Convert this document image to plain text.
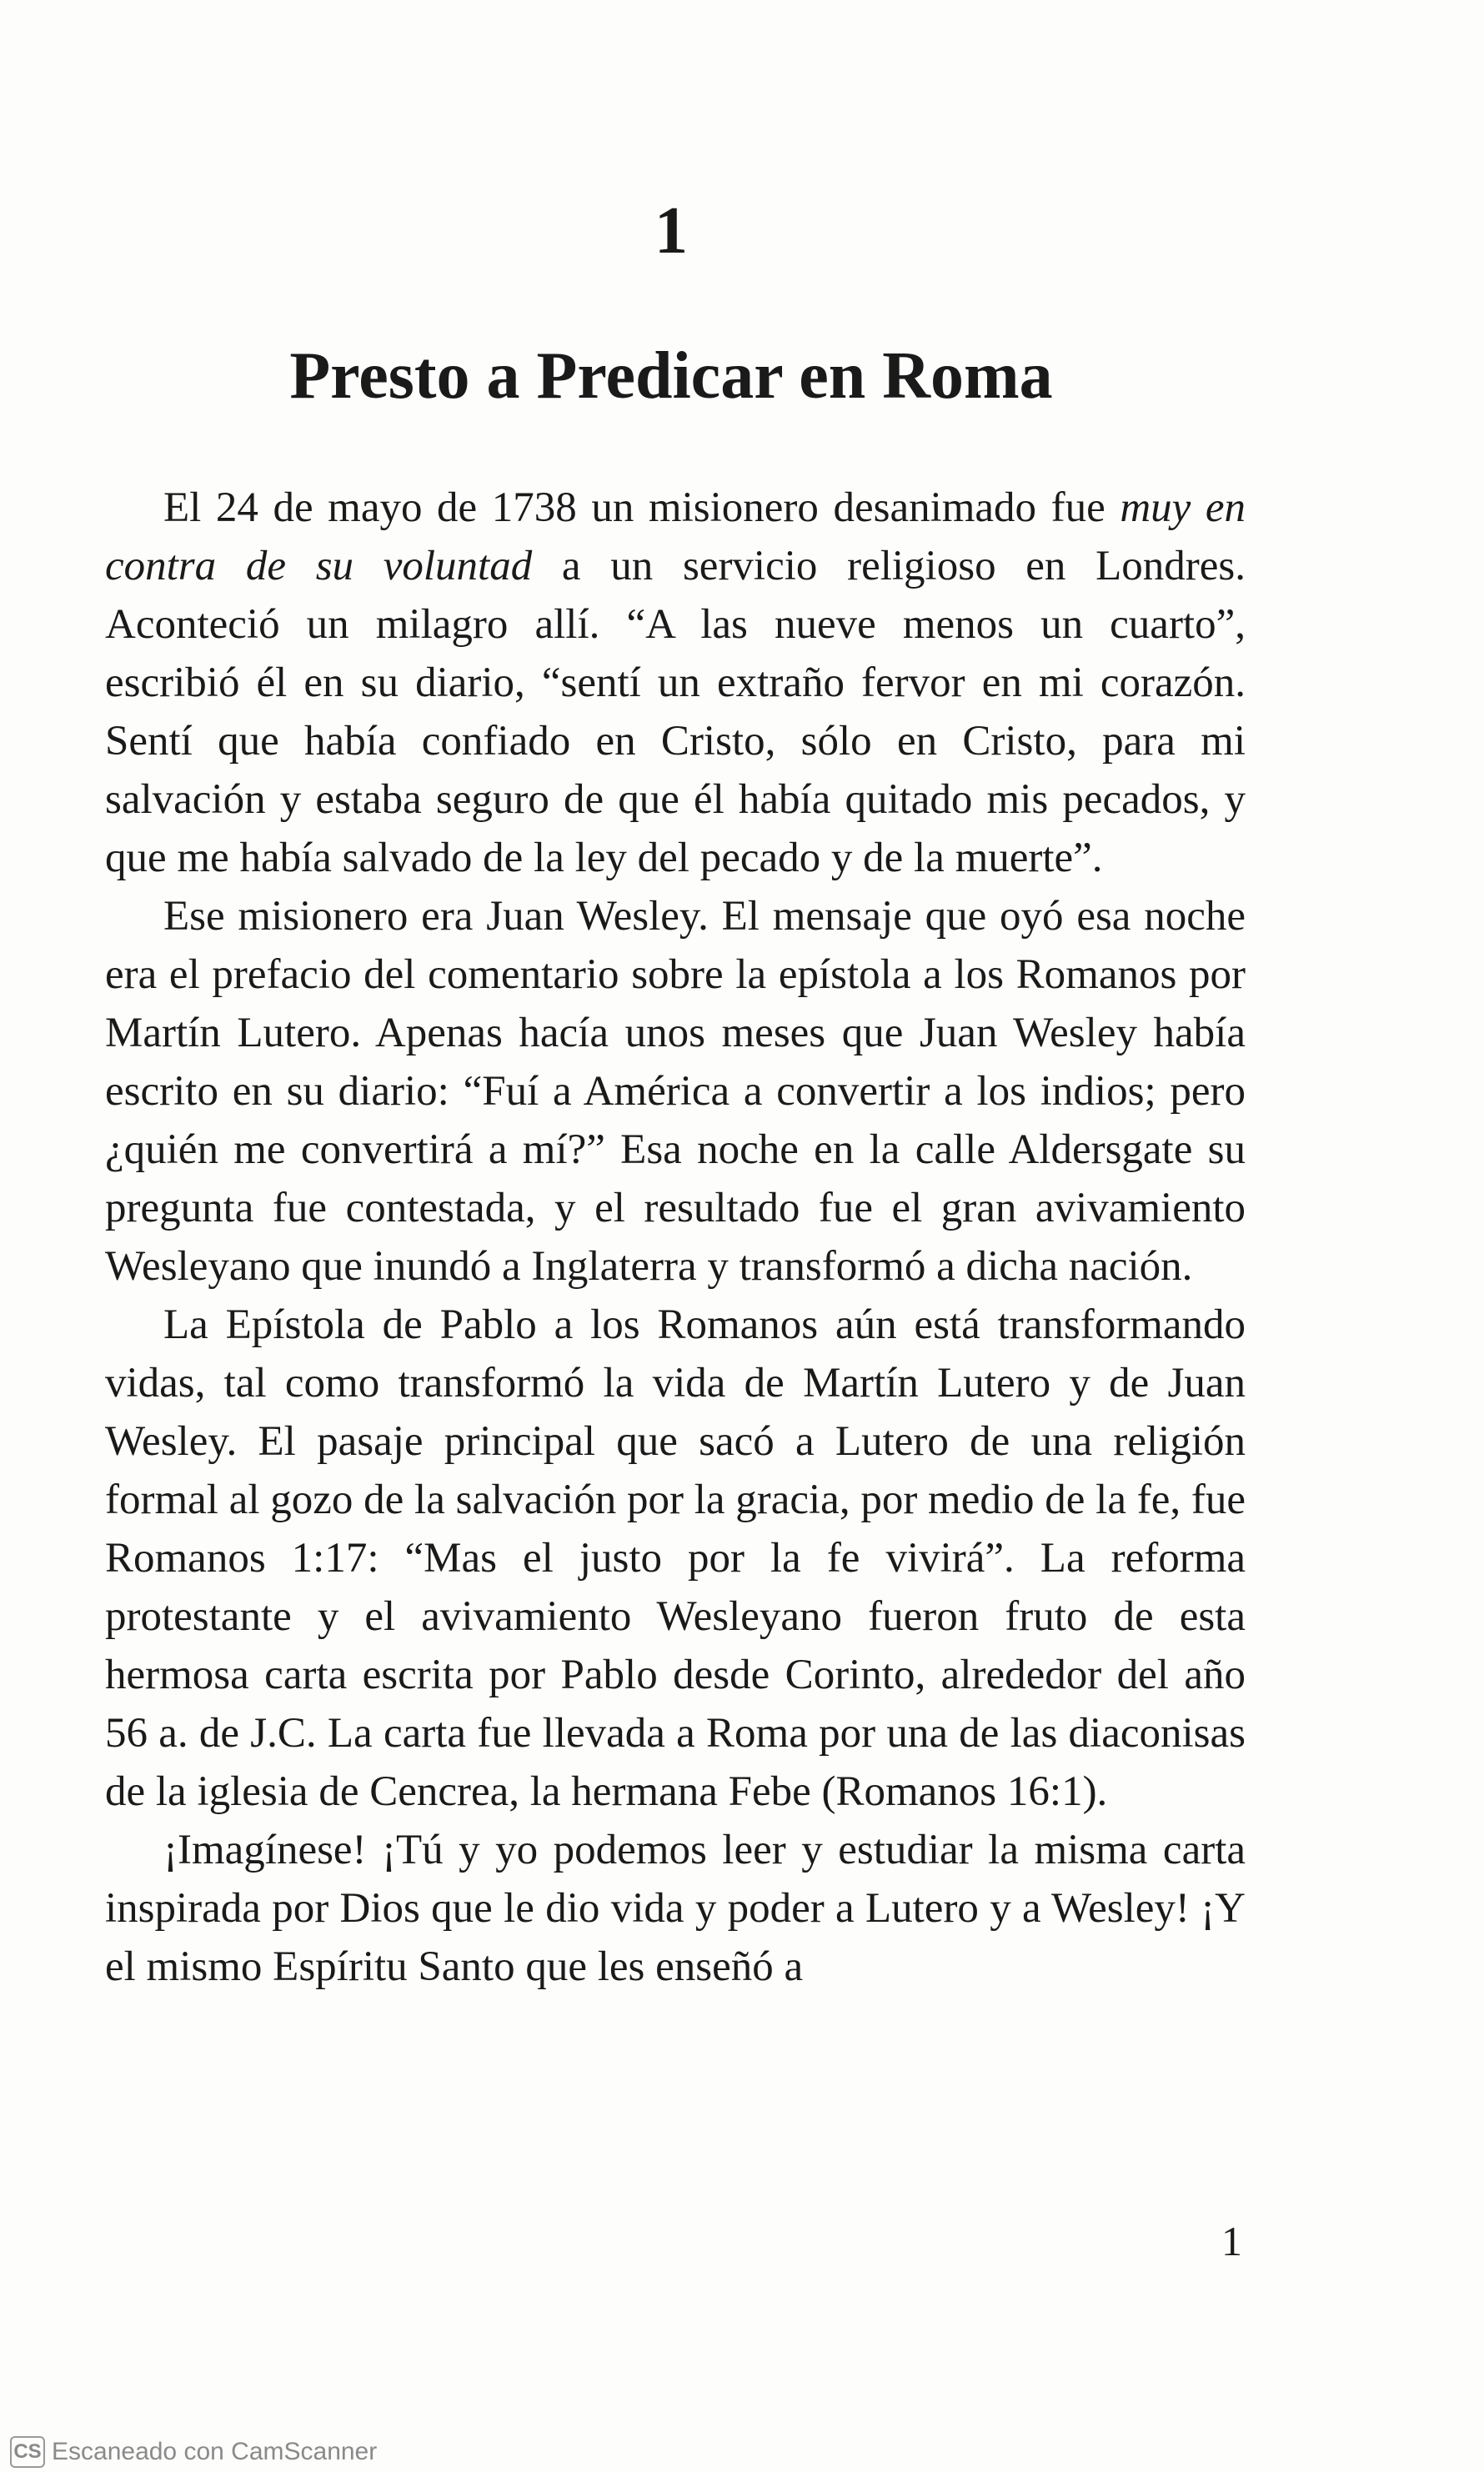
1
Presto a Predicar en Roma

El 24 de mayo de 1738 un misionero desanimado fue muy en contra de su voluntad a un servicio religioso en Londres. Aconteció un milagro allí. “A las nueve menos un cuarto”, escribió él en su diario, “sentí un extraño fervor en mi corazón. Sentí que había confiado en Cristo, sólo en Cristo, para mi salvación y estaba seguro de que él había quitado mis pecados, y que me había salvado de la ley del pecado y de la muerte”.

Ese misionero era Juan Wesley. El mensaje que oyó esa noche era el prefacio del comentario sobre la epístola a los Romanos por Martín Lutero. Apenas hacía unos meses que Juan Wesley había escrito en su diario: “Fuí a América a convertir a los indios; pero ¿quién me convertirá a mí?” Esa noche en la calle Aldersgate su pregunta fue contestada, y el resultado fue el gran avivamiento Wesleyano que inundó a Inglaterra y transformó a dicha nación.

La Epístola de Pablo a los Romanos aún está transformando vidas, tal como transformó la vida de Martín Lutero y de Juan Wesley. El pasaje principal que sacó a Lutero de una religión formal al gozo de la salvación por la gracia, por medio de la fe, fue Romanos 1:17: “Mas el justo por la fe vivirá”. La reforma protestante y el avivamiento Wesleyano fueron fruto de esta hermosa carta escrita por Pablo desde Corinto, alrededor del año 56 a. de J.C. La carta fue llevada a Roma por una de las diaconisas de la iglesia de Cencrea, la hermana Febe (Romanos 16:1).

¡Imagínese! ¡Tú y yo podemos leer y estudiar la misma carta inspirada por Dios que le dio vida y poder a Lutero y a Wesley! ¡Y el mismo Espíritu Santo que les enseñó a

1
CS Escaneado con CamScanner
